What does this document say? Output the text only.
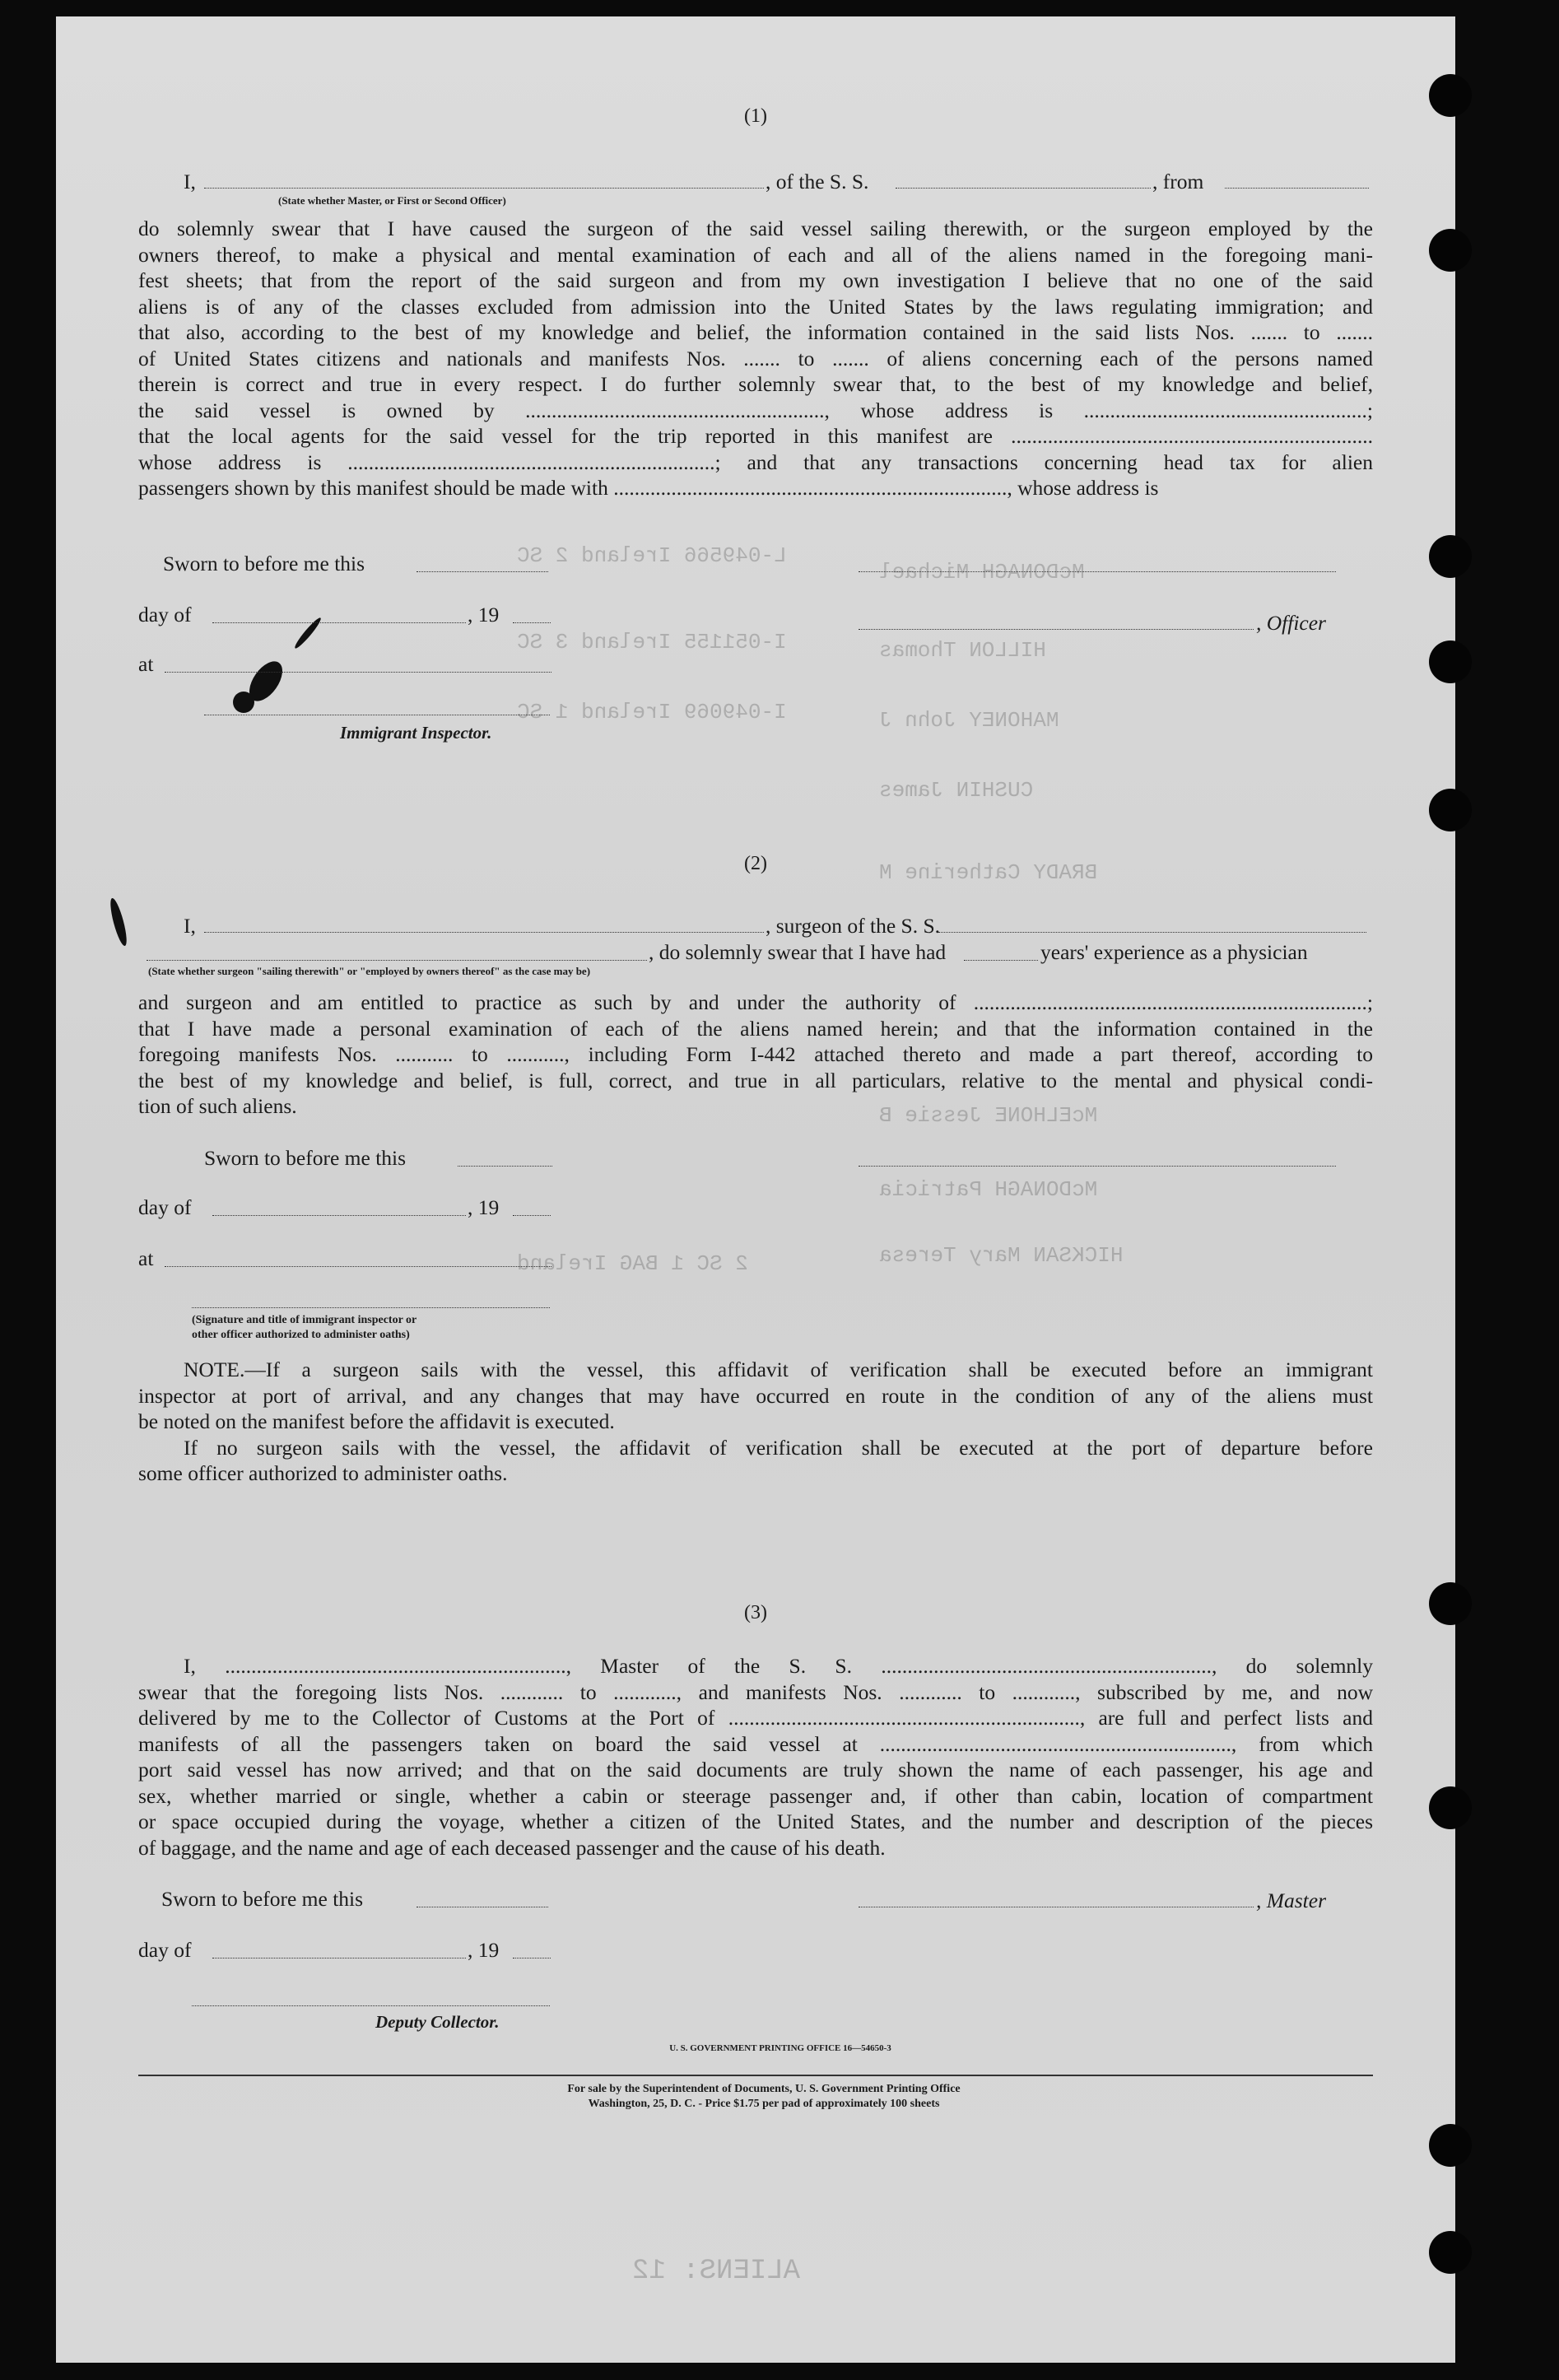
L-049566 Ireland 2 SC
I-051155 Ireland 3 SC
I-049069 Ireland 1 SC
McDONAGH Michael
HILLON Thomas
MAHONEY John J
CUSHIN James
BRADY Catherine M
McELHONE Jessie B
McDONAGH Patricia
HICKSAN Mary Teresa
2 SC 1 BAG Ireland
ALIENS: 12
(1)
I,	, of the S. S.	, from
(State whether Master, or First or Second Officer)
do solemnly swear that I have caused the surgeon of the said vessel sailing therewith, or the surgeon employed by the
owners thereof, to make a physical and mental examination of each and all of the aliens named in the foregoing mani-
fest sheets; that from the report of the said surgeon and from my own investigation I believe that no one of the said
aliens is of any of the classes excluded from admission into the United States by the laws regulating immigration; and
that also, according to the best of my knowledge and belief, the information contained in the said lists Nos. ....... to .......
of United States citizens and nationals and manifests Nos. ....... to ....... of aliens concerning each of the persons named
therein is correct and true in every respect. I do further solemnly swear that, to the best of my knowledge and belief,
the said vessel is owned by ........................................................., whose address is ......................................................;
that the local agents for the said vessel for the trip reported in this manifest are .....................................................................
whose address is ......................................................................; and that any transactions concerning head tax for alien
passengers shown by this manifest should be made with ..........................................................................., whose address is
Sworn to before me this
day of	, 19	, Officer
at
Immigrant Inspector.
(2)
I,	, surgeon of the S. S.
, do solemnly swear that I have had	years' experience as a physician
(State whether surgeon "sailing therewith" or "employed by owners thereof" as the case may be)
and surgeon and am entitled to practice as such by and under the authority of ...........................................................................;
that I have made a personal examination of each of the aliens named herein; and that the information contained in the
foregoing manifests Nos. ........... to ..........., including Form I-442 attached thereto and made a part thereof, according to
the best of my knowledge and belief, is full, correct, and true in all particulars, relative to the mental and physical condi-
tion of such aliens.
Sworn to before me this
day of	, 19
at
(Signature and title of immigrant inspector or
other officer authorized to administer oaths)
NOTE.—If a surgeon sails with the vessel, this affidavit of verification shall be executed before an immigrant
inspector at port of arrival, and any changes that may have occurred en route in the condition of any of the aliens must
be noted on the manifest before the affidavit is executed.
If no surgeon sails with the vessel, the affidavit of verification shall be executed at the port of departure before
some officer authorized to administer oaths.
(3)
I, ................................................................., Master of the S. S. ..............................................................., do solemnly
swear that the foregoing lists Nos. ............ to ............, and manifests Nos. ............ to ............, subscribed by me, and now
delivered by me to the Collector of Customs at the Port of ..................................................................., are full and perfect lists and
manifests of all the passengers taken on board the said vessel at ..................................................................., from which
port said vessel has now arrived; and that on the said documents are truly shown the name of each passenger, his age and
sex, whether married or single, whether a cabin or steerage passenger and, if other than cabin, location of compartment
or space occupied during the voyage, whether a citizen of the United States, and the number and description of the pieces
of baggage, and the name and age of each deceased passenger and the cause of his death.
Sworn to before me this	, Master
day of	, 19
Deputy Collector.
U. S. GOVERNMENT PRINTING OFFICE 16—54650-3
For sale by the Superintendent of Documents, U. S. Government Printing Office
Washington, 25, D. C. - Price $1.75 per pad of approximately 100 sheets
